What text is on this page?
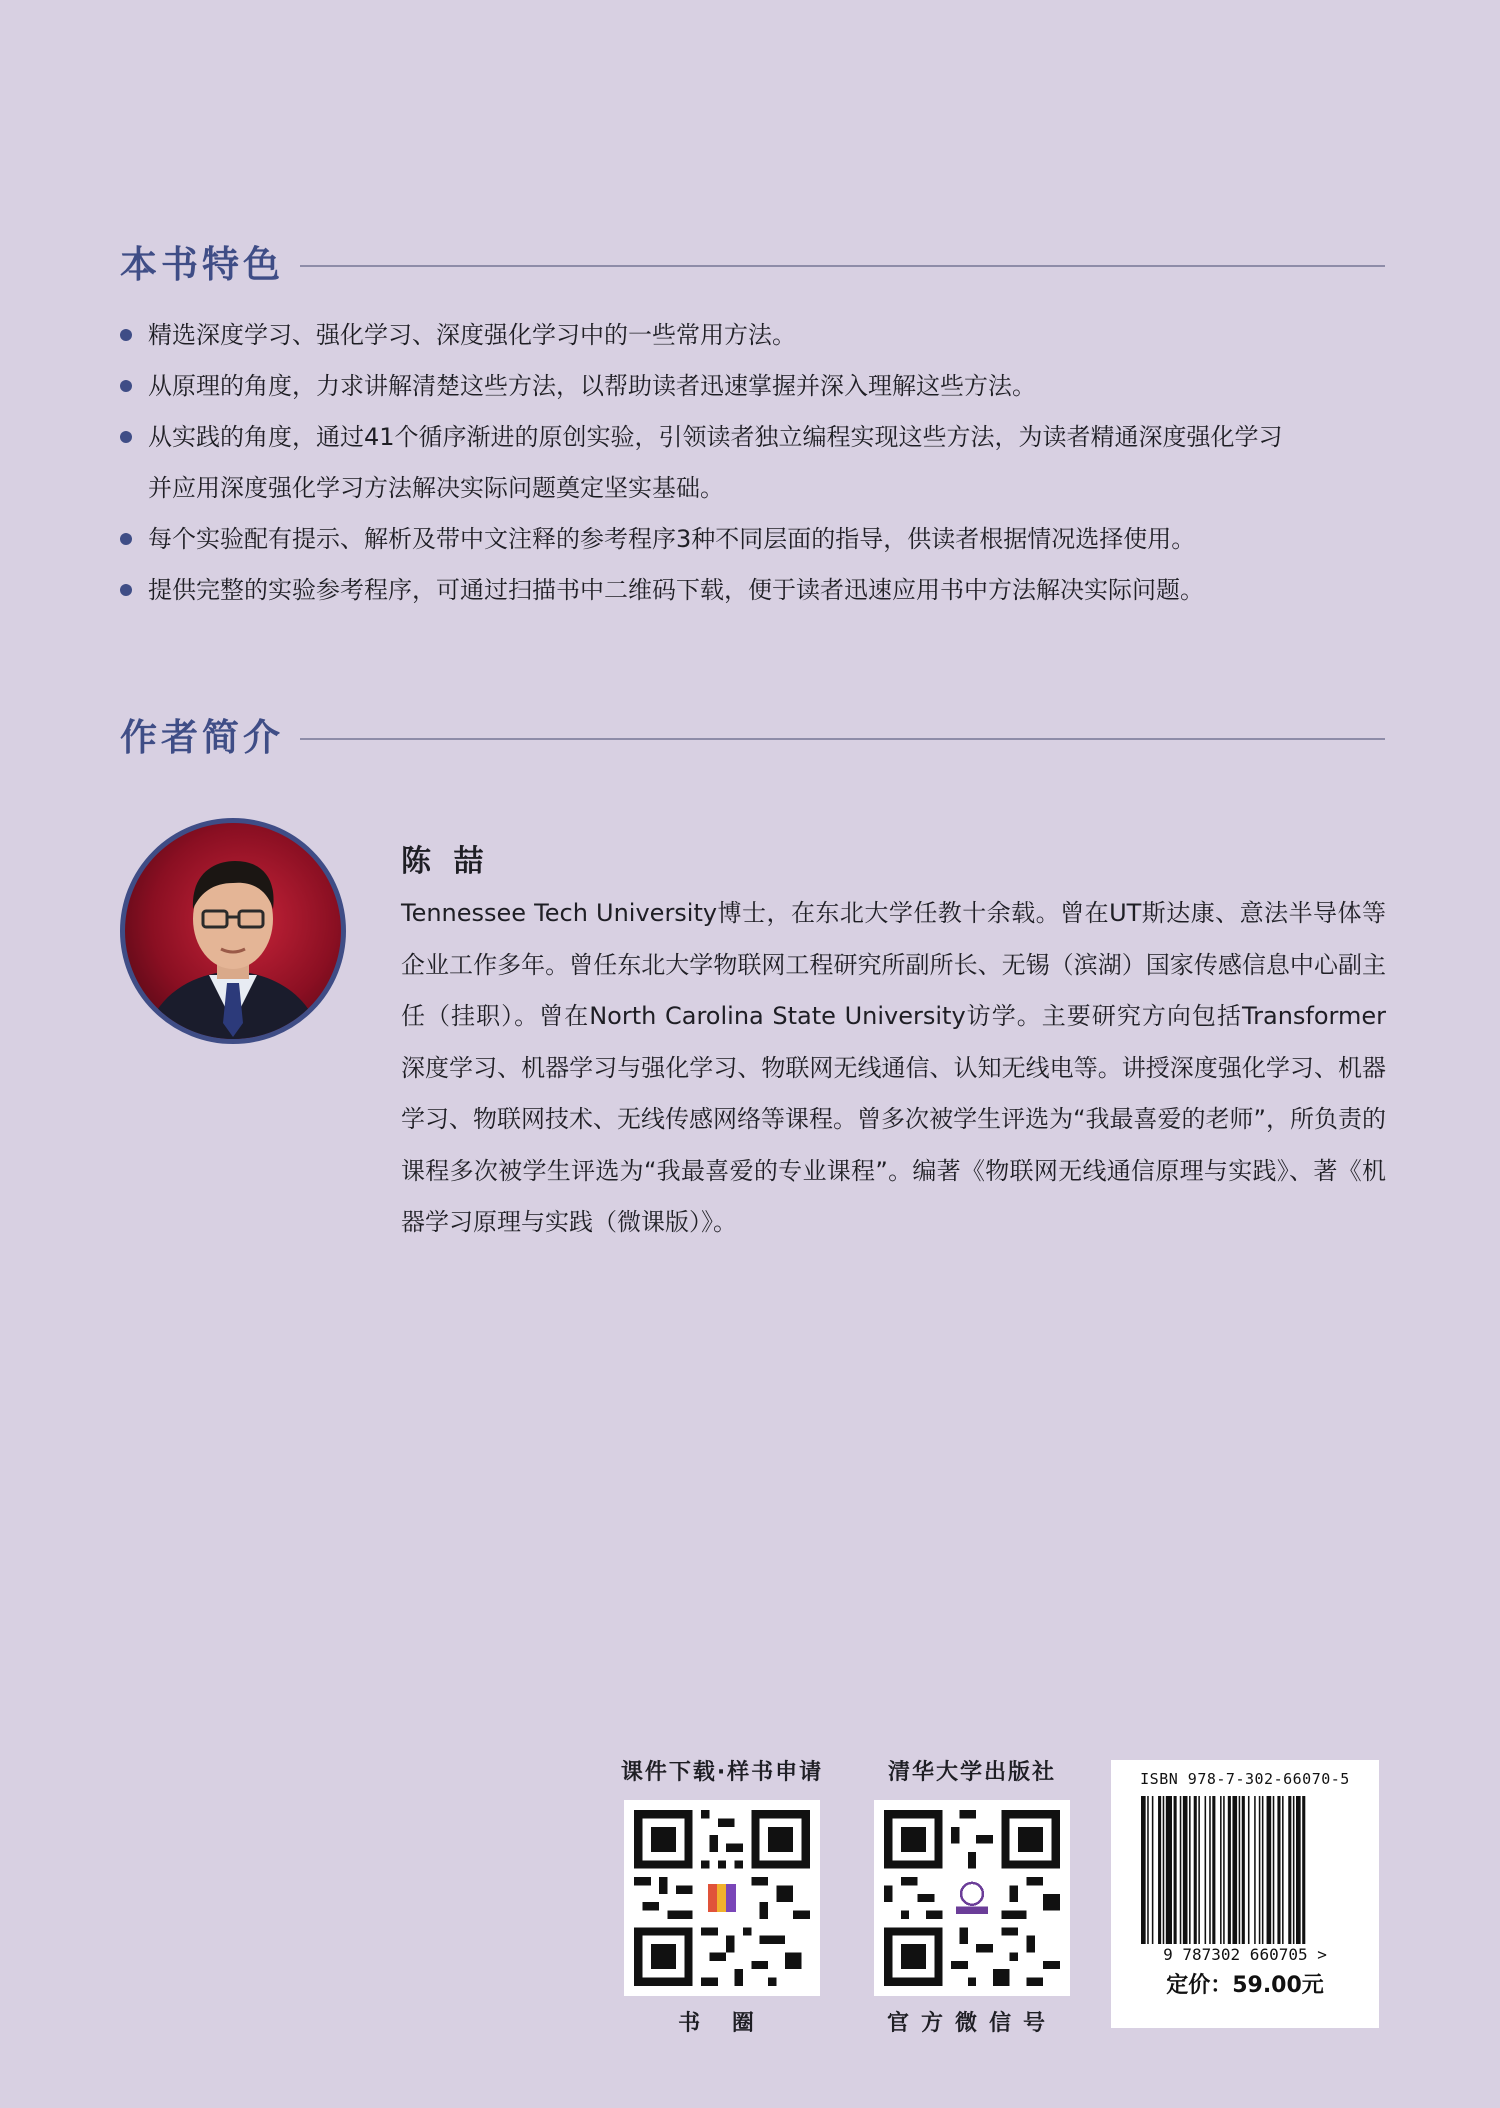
本书特色
精选深度学习、强化学习、深度强化学习中的一些常用方法。
从原理的角度，力求讲解清楚这些方法，以帮助读者迅速掌握并深入理解这些方法。
从实践的角度，通过41个循序渐进的原创实验，引领读者独立编程实现这些方法，为读者精通深度强化学习
并应用深度强化学习方法解决实际问题奠定坚实基础。
每个实验配有提示、解析及带中文注释的参考程序3种不同层面的指导，供读者根据情况选择使用。
提供完整的实验参考程序，可通过扫描书中二维码下载，便于读者迅速应用书中方法解决实际问题。
作者简介
陈 喆

Tennessee Tech University博士，在东北大学任教十余载。曾在UT斯达康、意法半导体等企业工作多年。曾任东北大学物联网工程研究所副所长、无锡（滨湖）国家传感信息中心副主任（挂职）。曾在North Carolina State University访学。主要研究方向包括Transformer深度学习、机器学习与强化学习、物联网无线通信、认知无线电等。讲授深度强化学习、机器学习、物联网技术、无线传感网络等课程。曾多次被学生评选为“我最喜爱的老师”，所负责的课程多次被学生评选为“我最喜爱的专业课程”。编著《物联网无线通信原理与实践》、著《机器学习原理与实践（微课版）》。

课件下载·样书申请
书 圈
清华大学出版社
官方微信号
ISBN 978-7-302-66070-5
9 787302 660705 >
定价：59.00元
